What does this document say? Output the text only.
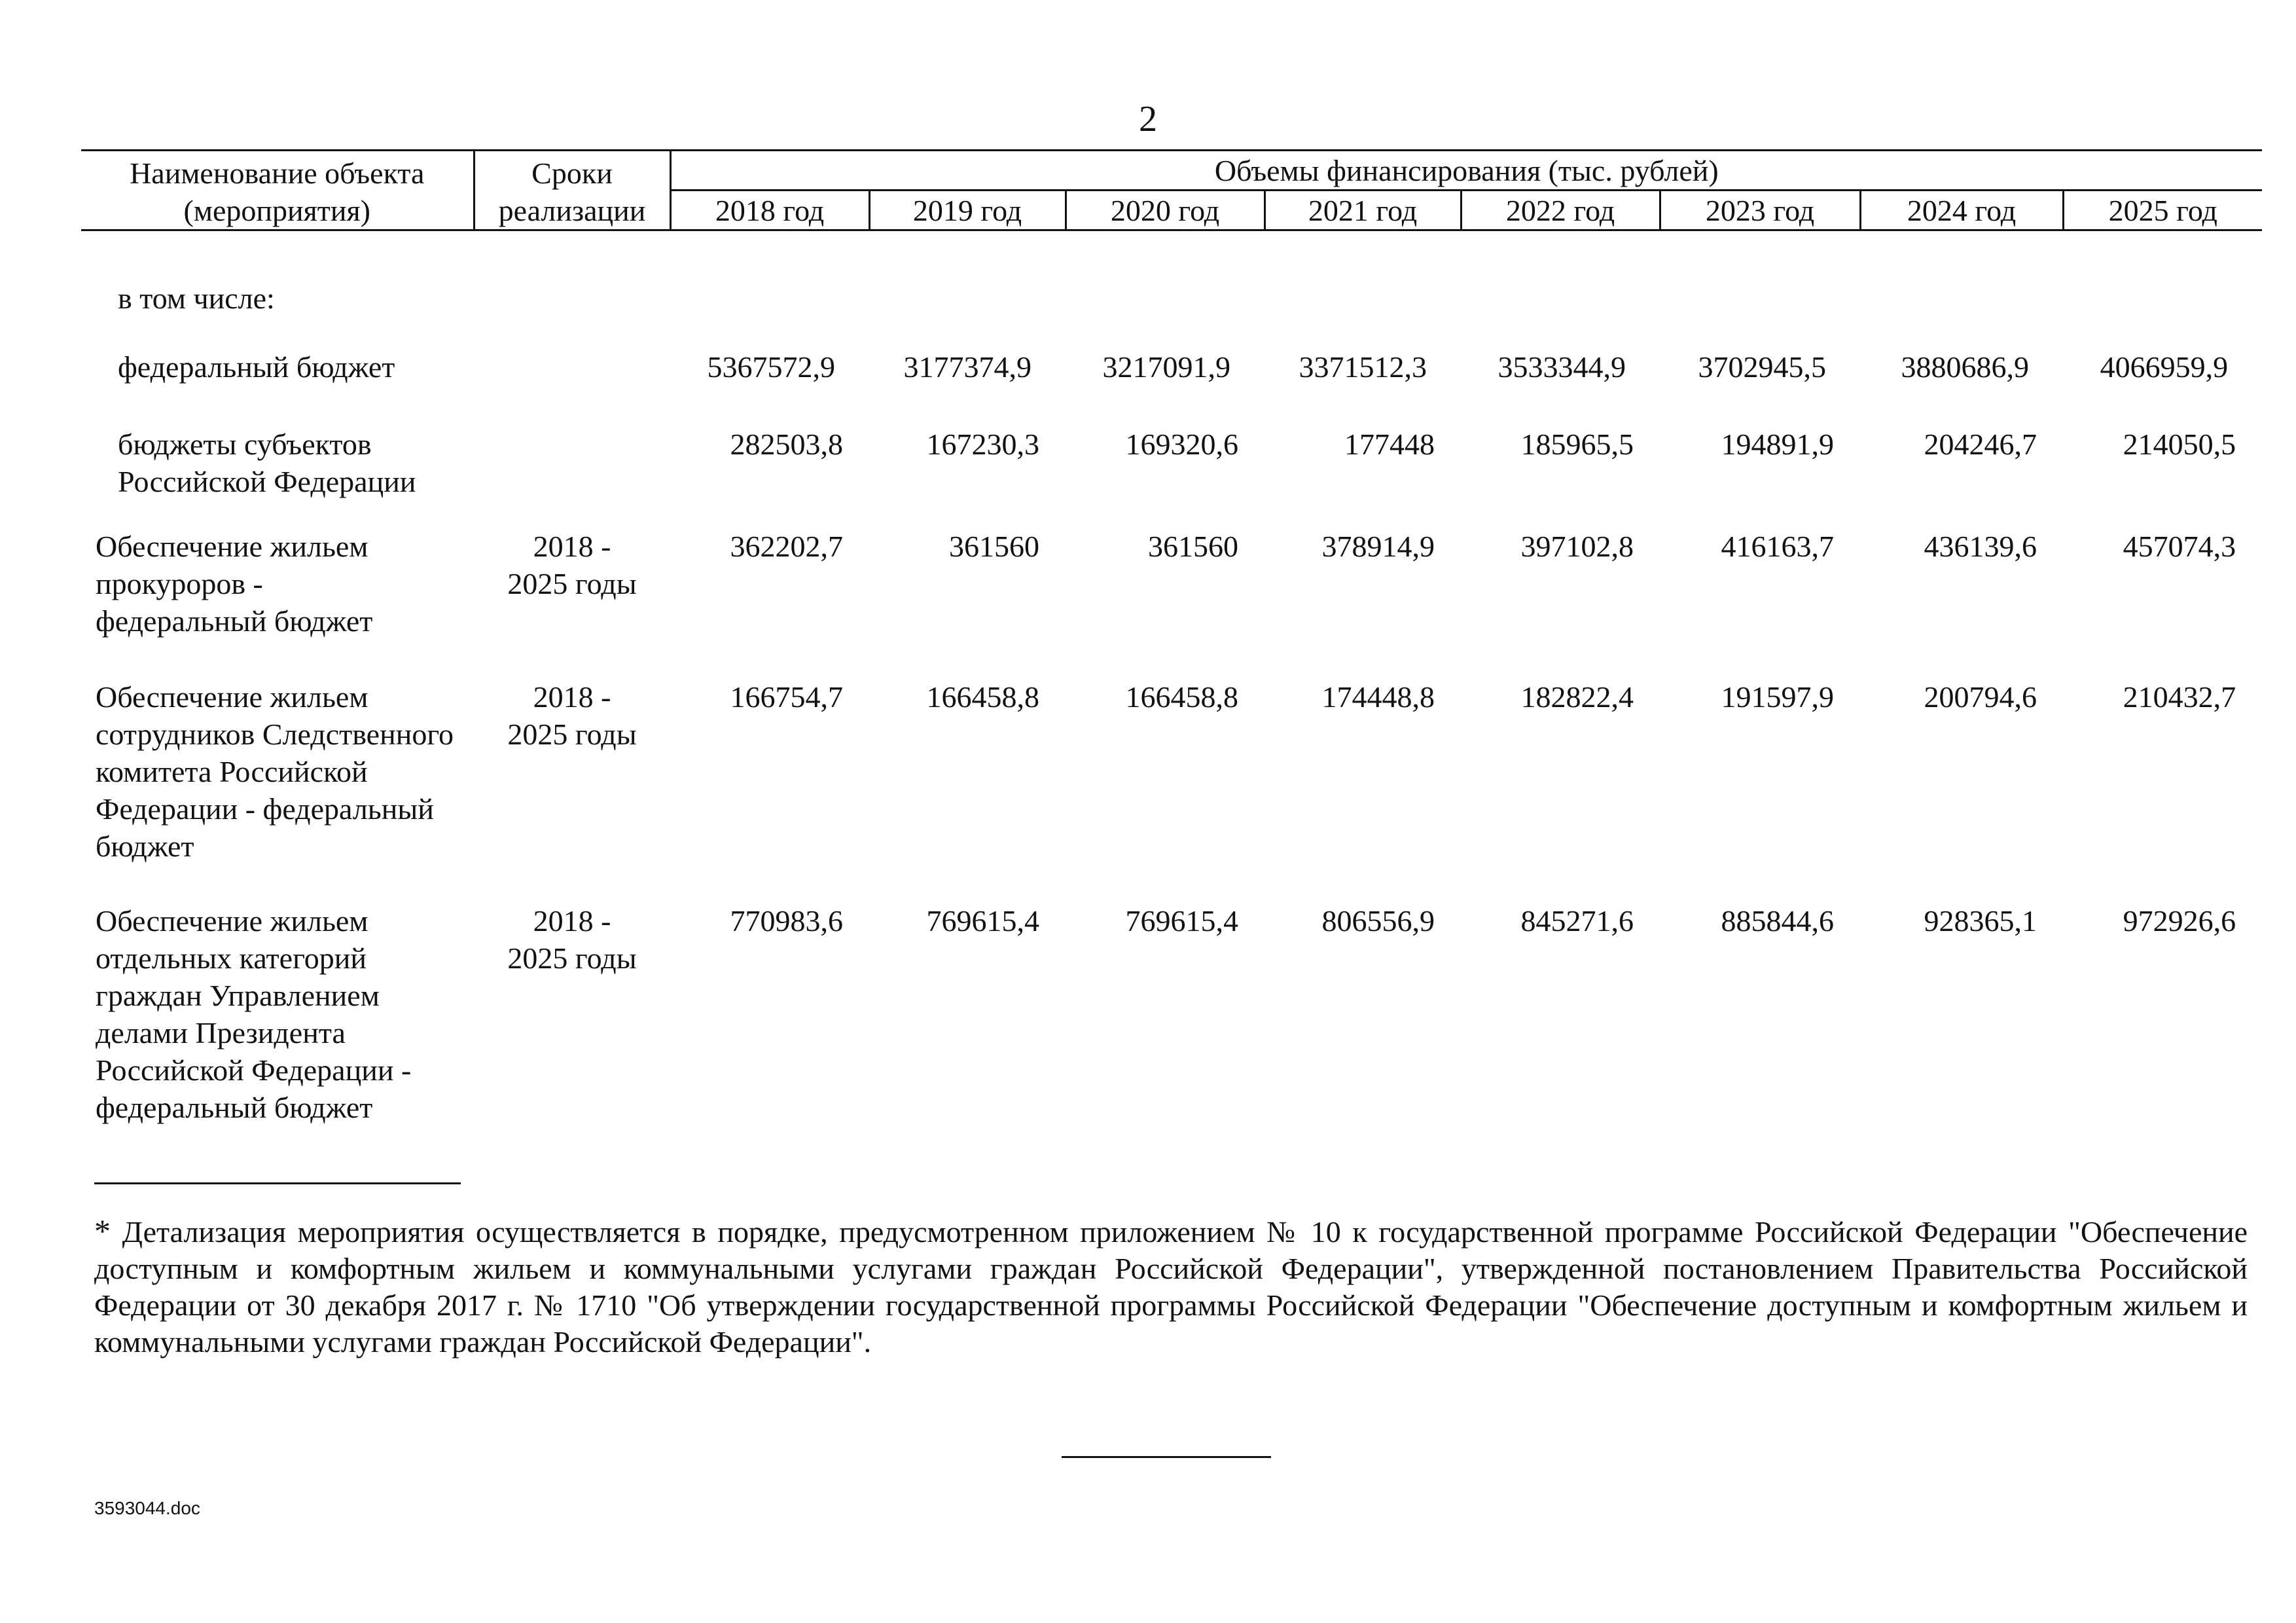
2
Наименование объекта (мероприятия)	Сроки реализации	Объемы финансирования (тыс. рублей)							
		2018 год	2019 год	2020 год	2021 год	2022 год	2023 год	2024 год	2025 год
в том числе:									
федеральный бюджет		5367572,9	3177374,9	3217091,9	3371512,3	3533344,9	3702945,5	3880686,9	4066959,9
бюджеты субъектов Российской Федерации		282503,8	167230,3	169320,6	177448	185965,5	194891,9	204246,7	214050,5
Обеспечение жильем прокуроров - федеральный бюджет	2018 - 2025 годы	362202,7	361560	361560	378914,9	397102,8	416163,7	436139,6	457074,3
Обеспечение жильем сотрудников Следственного комитета Российской Федерации - федеральный бюджет	2018 - 2025 годы	166754,7	166458,8	166458,8	174448,8	182822,4	191597,9	200794,6	210432,7
Обеспечение жильем отдельных категорий граждан Управлением делами Президента Российской Федерации - федеральный бюджет	2018 - 2025 годы	770983,6	769615,4	769615,4	806556,9	845271,6	885844,6	928365,1	972926,6
* Детализация мероприятия осуществляется в порядке, предусмотренном приложением № 10 к государственной программе Российской Федерации "Обеспечение доступным и комфортным жильем и коммунальными услугами граждан Российской Федерации", утвержденной постановлением Правительства Российской Федерации от 30 декабря 2017 г. № 1710 "Об утверждении государственной программы Российской Федерации "Обеспечение доступным и комфортным жильем и коммунальными услугами граждан Российской Федерации".
3593044.doc
